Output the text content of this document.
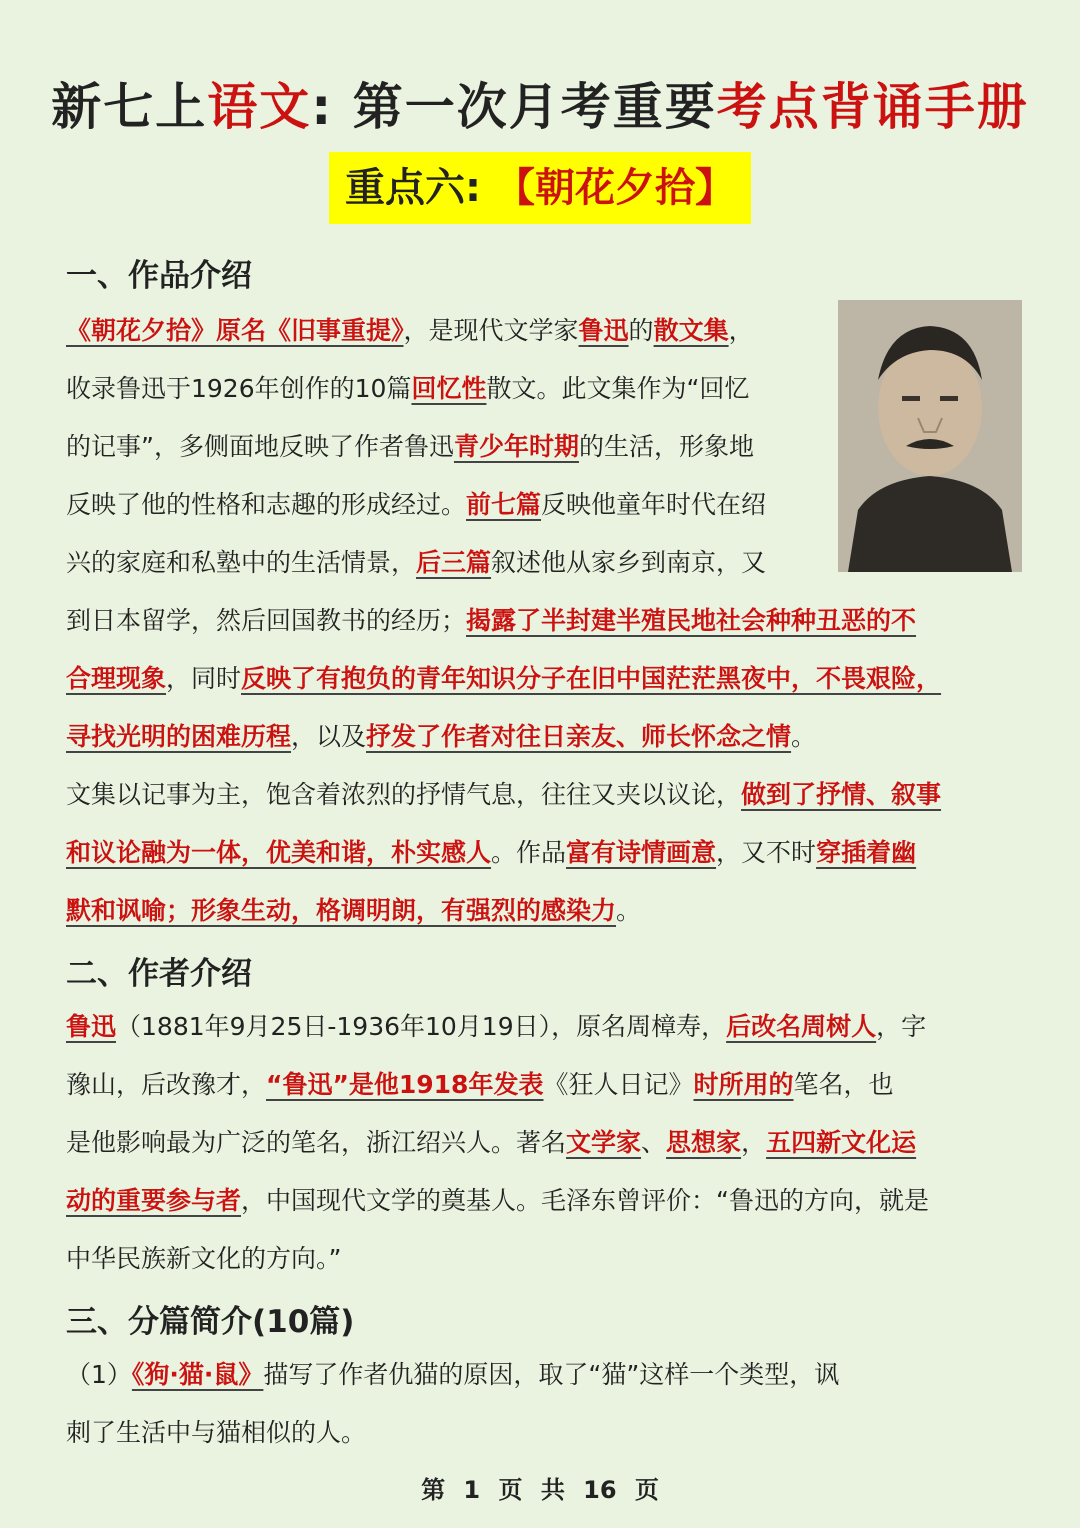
新七上语文: 第一次月考重要考点背诵手册
重点六: 【朝花夕拾】
一、作品介绍
《朝花夕拾》原名《旧事重提》，是现代文学家鲁迅的散文集，
收录鲁迅于1926年创作的10篇回忆性散文。此文集作为“回忆
的记事”，多侧面地反映了作者鲁迅青少年时期的生活，形象地
反映了他的性格和志趣的形成经过。前七篇反映他童年时代在绍
兴的家庭和私塾中的生活情景，后三篇叙述他从家乡到南京，又
到日本留学，然后回国教书的经历；揭露了半封建半殖民地社会种种丑恶的不
合理现象，同时反映了有抱负的青年知识分子在旧中国茫茫黑夜中，不畏艰险，
寻找光明的困难历程，以及抒发了作者对往日亲友、师长怀念之情。
文集以记事为主，饱含着浓烈的抒情气息，往往又夹以议论，做到了抒情、叙事
和议论融为一体，优美和谐，朴实感人。作品富有诗情画意，又不时穿插着幽
默和讽喻；形象生动，格调明朗，有强烈的感染力。
二、作者介绍
鲁迅（1881年9月25日-1936年10月19日），原名周樟寿，后改名周树人，字
豫山，后改豫才，“鲁迅”是他1918年发表《狂人日记》时所用的笔名，也
是他影响最为广泛的笔名，浙江绍兴人。著名文学家、思想家，五四新文化运
动的重要参与者，中国现代文学的奠基人。毛泽东曾评价：“鲁迅的方向，就是
中华民族新文化的方向。”
三、分篇简介(10篇)
（1）《狗·猫·鼠》描写了作者仇猫的原因，取了“猫”这样一个类型，讽
刺了生活中与猫相似的人。
第 1 页 共 16 页
